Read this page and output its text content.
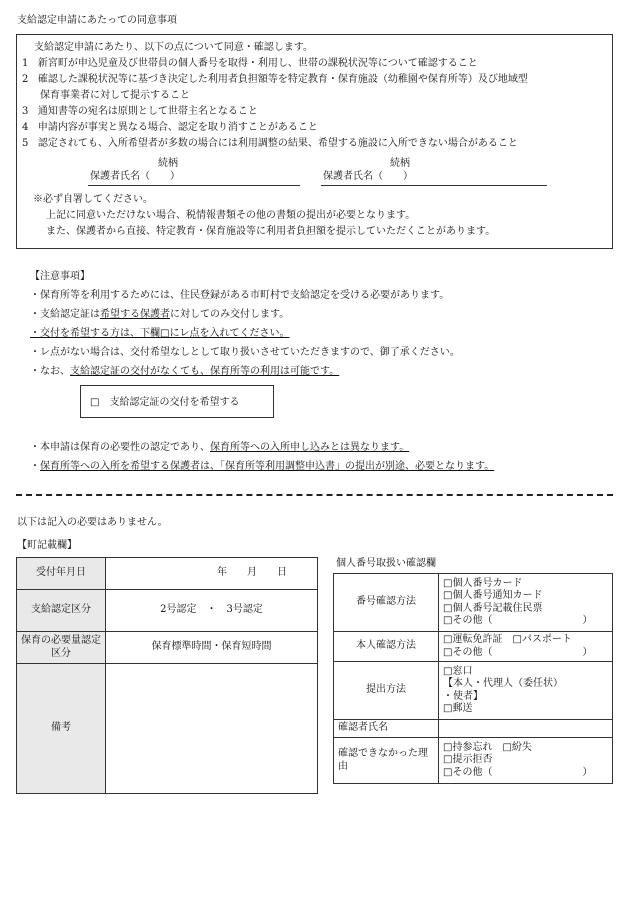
支給認定申請にあたっての同意事項
支給認定申請にあたり、以下の点について同意・確認します。
1 新宮町が申込児童及び世帯員の個人番号を取得・利用し、世帯の課税状況等について確認すること
2 確認した課税状況等に基づき決定した利用者負担額等を特定教育・保育施設（幼稚園や保育所等）及び地域型
保育事業者に対して提示すること
3 通知書等の宛名は原則として世帯主名となること
4 申請内容が事実と異なる場合、認定を取り消すことがあること
5 認定されても、入所希望者が多数の場合には利用調整の結果、希望する施設に入所できない場合があること
続柄
保護者氏名（　　）
続柄
保護者氏名（　　）
※必ず自署してください。
上記に同意いただけない場合、税情報書類その他の書類の提出が必要となります。
また、保護者から直接、特定教育・保育施設等に利用者負担額を提示していただくことがあります。
【注意事項】
・保育所等を利用するためには、住民登録がある市町村で支給認定を受ける必要があります。
・支給認定証は希望する保護者に対してのみ交付します。
・交付を希望する方は、下欄□にレ点を入れてください。
・レ点がない場合は、交付希望なしとして取り扱いさせていただきますので、御了承ください。
・なお、支給認定証の交付がなくても、保育所等の利用は可能です。
□　支給認定証の交付を希望する
・本申請は保育の必要性の認定であり、保育所等への入所申し込みとは異なります。
・保育所等への入所を希望する保護者は、「保育所等利用調整申込書」の提出が別途、必要となります。
以下は記入の必要はありません。
【町記載欄】
受付年月日	年　　月　　日
支給認定区分	2号認定　・　3号認定
保育の必要量認定区分	保育標準時間・保育短時間
備考	
個人番号取扱い確認欄
番号確認方法	□個人番号カード
□個人番号通知カード
□個人番号記載住民票
□その他（　　　　　　　　　）

本人確認方法	□運転免許証　□パスポート
□その他（　　　　　　　　　）

提出方法	□窓口
【本人・代理人（委任状）
・使者】
□郵送

確認者氏名	
確認できなかった理由	□持参忘れ　□紛失
□提示拒否
□その他（　　　　　　　　　）
